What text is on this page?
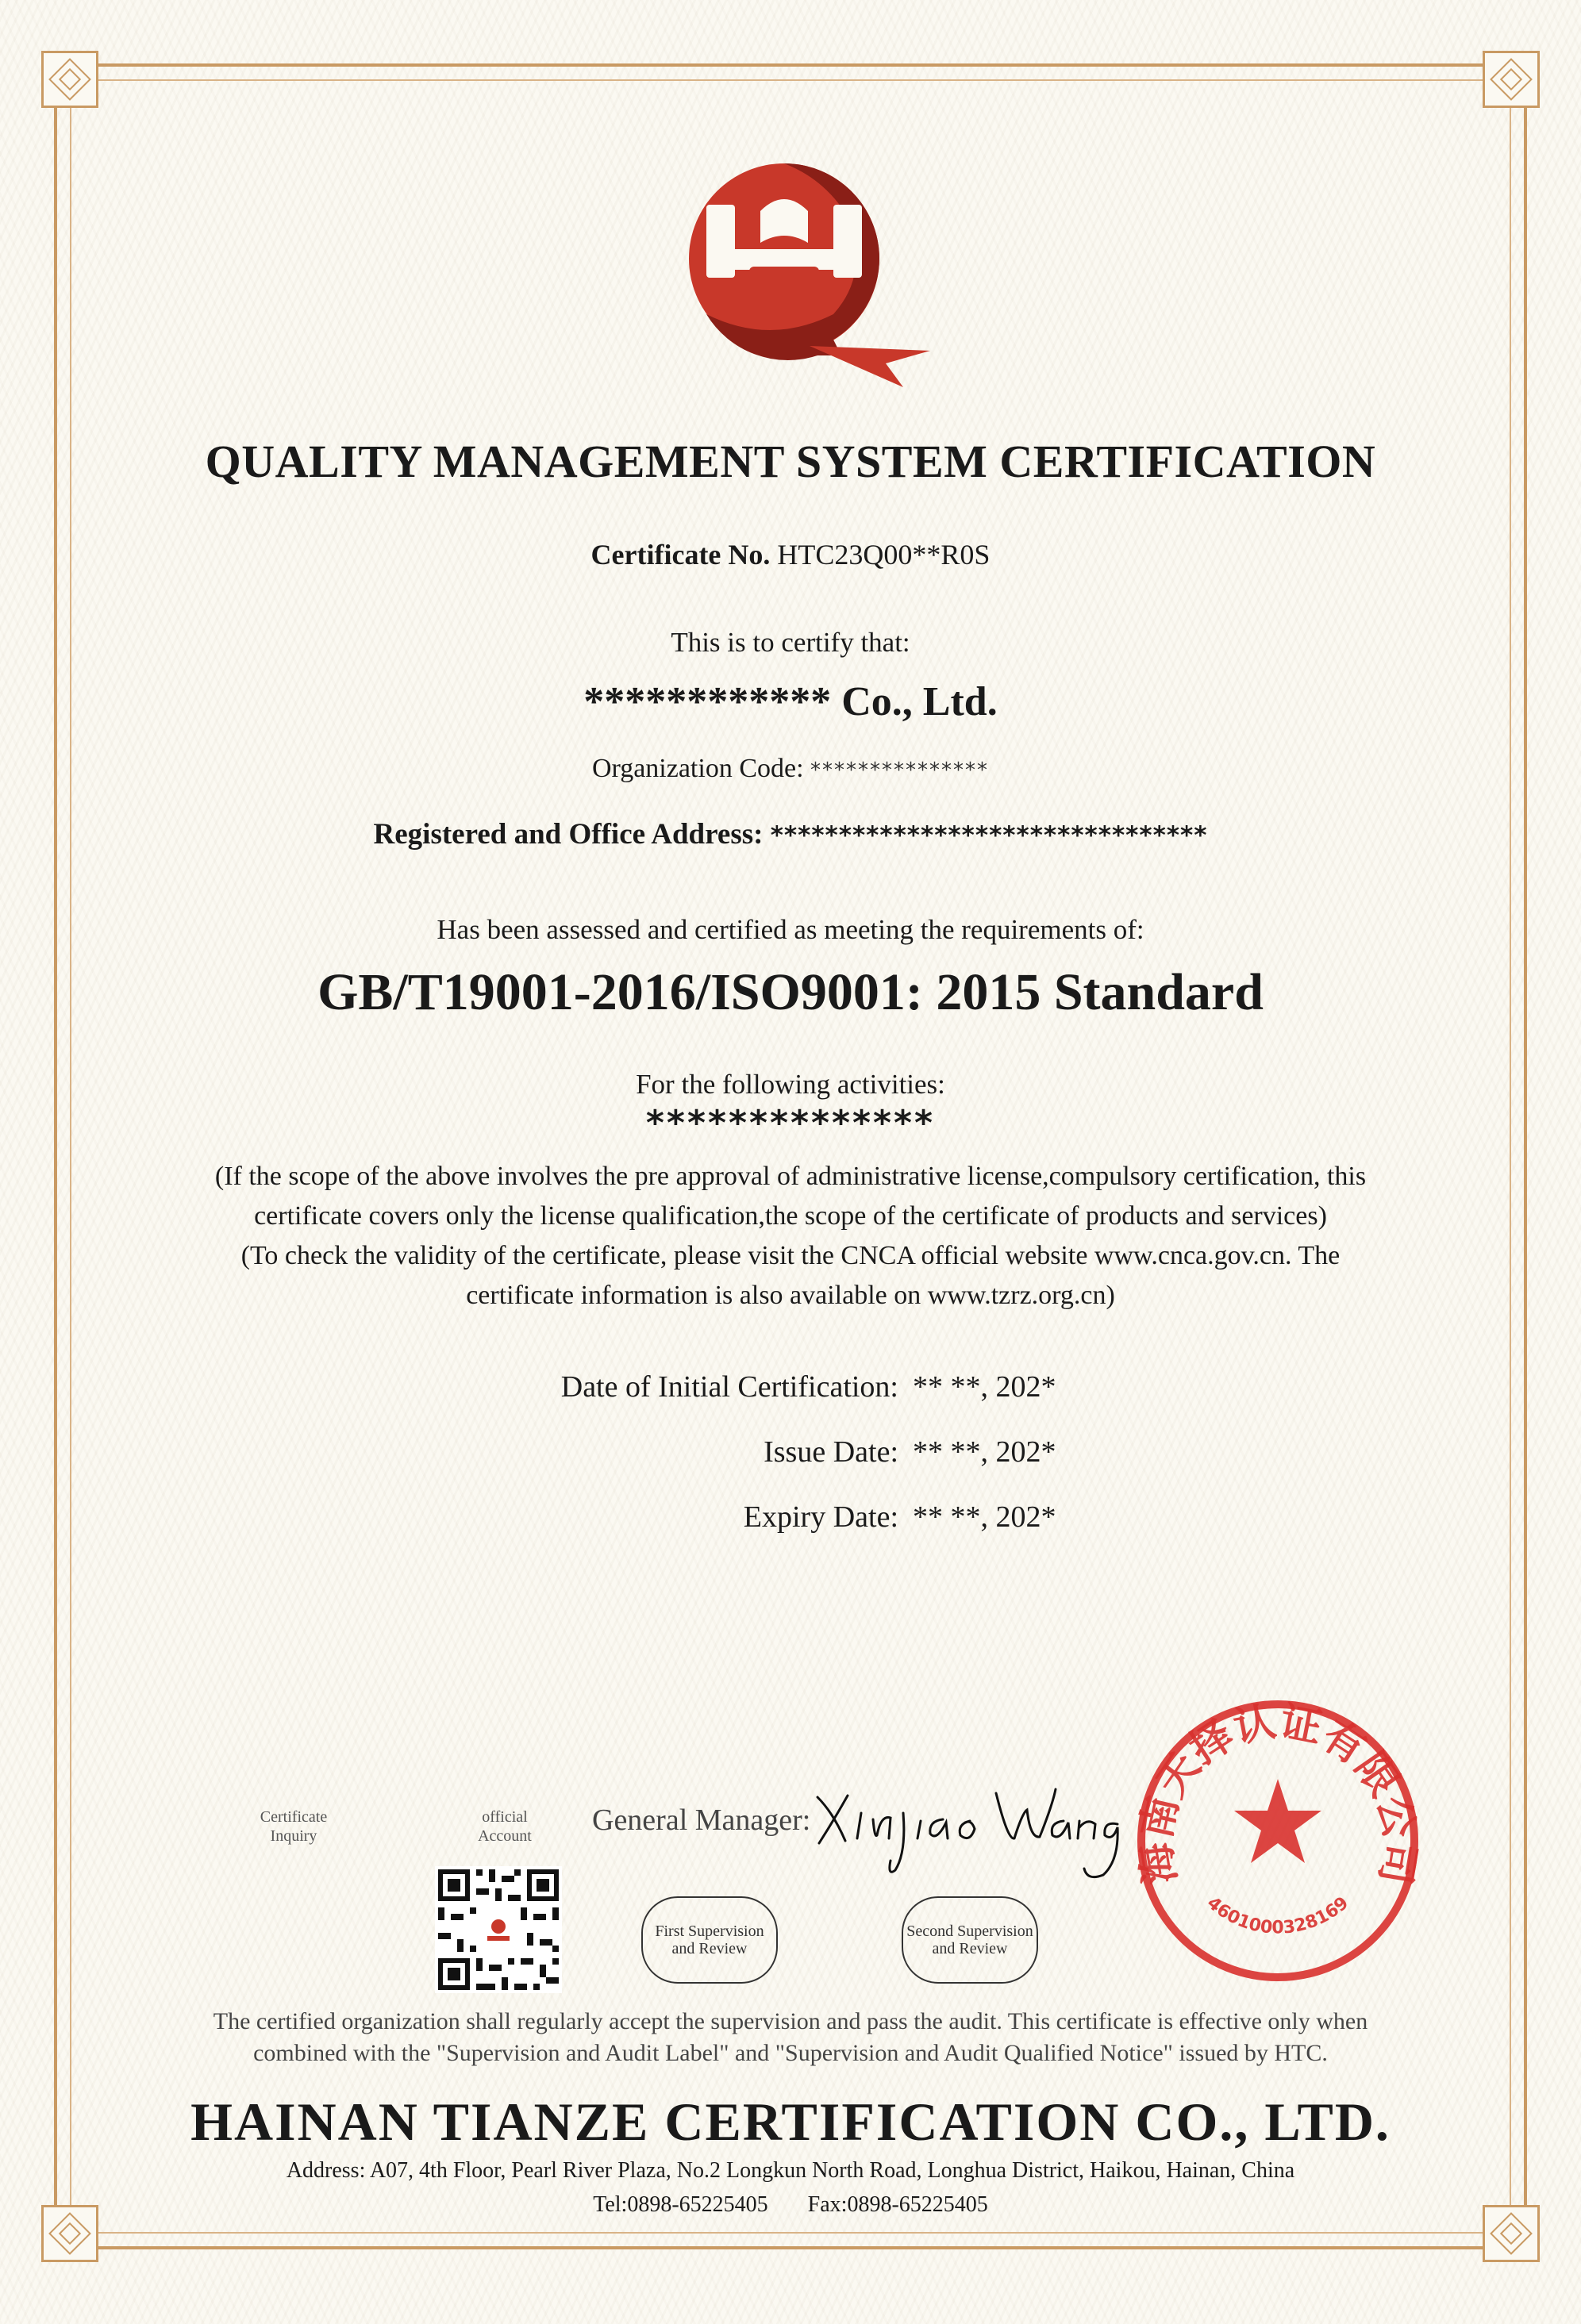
QUALITY MANAGEMENT SYSTEM CERTIFICATION
Certificate No. HTC23Q00**R0S
This is to certify that:
************ Co., Ltd.
Organization Code: ***************
Registered and Office Address: ********************************
Has been assessed and certified as meeting the requirements of:
GB/T19001-2016/ISO9001: 2015 Standard
For the following activities:
**************
(If the scope of the above involves the pre approval of administrative license,compulsory certification, this
certificate covers only the license qualification,the scope of the certificate of products and services)
(To check the validity of the certificate, please visit the CNCA official website www.cnca.gov.cn. The
certificate information is also available on www.tzrz.org.cn)
Date of Initial Certification: ** **, 202*
Issue Date: ** **, 202*
Expiry Date: ** **, 202*
Certificate
Inquiry
official
Account	General Manager:
First Supervision
and Review
Second Supervision
and Review
海南天择认证有限公司
4601000328169
The certified organization shall regularly accept the supervision and pass the audit. This certificate is effective only when
combined with the "Supervision and Audit Label" and "Supervision and Audit Qualified Notice" issued by HTC.
HAINAN TIANZE CERTIFICATION CO., LTD.
Address: A07, 4th Floor, Pearl River Plaza, No.2 Longkun North Road, Longhua District, Haikou, Hainan, China
Tel:0898-65225405 Fax:0898-65225405
